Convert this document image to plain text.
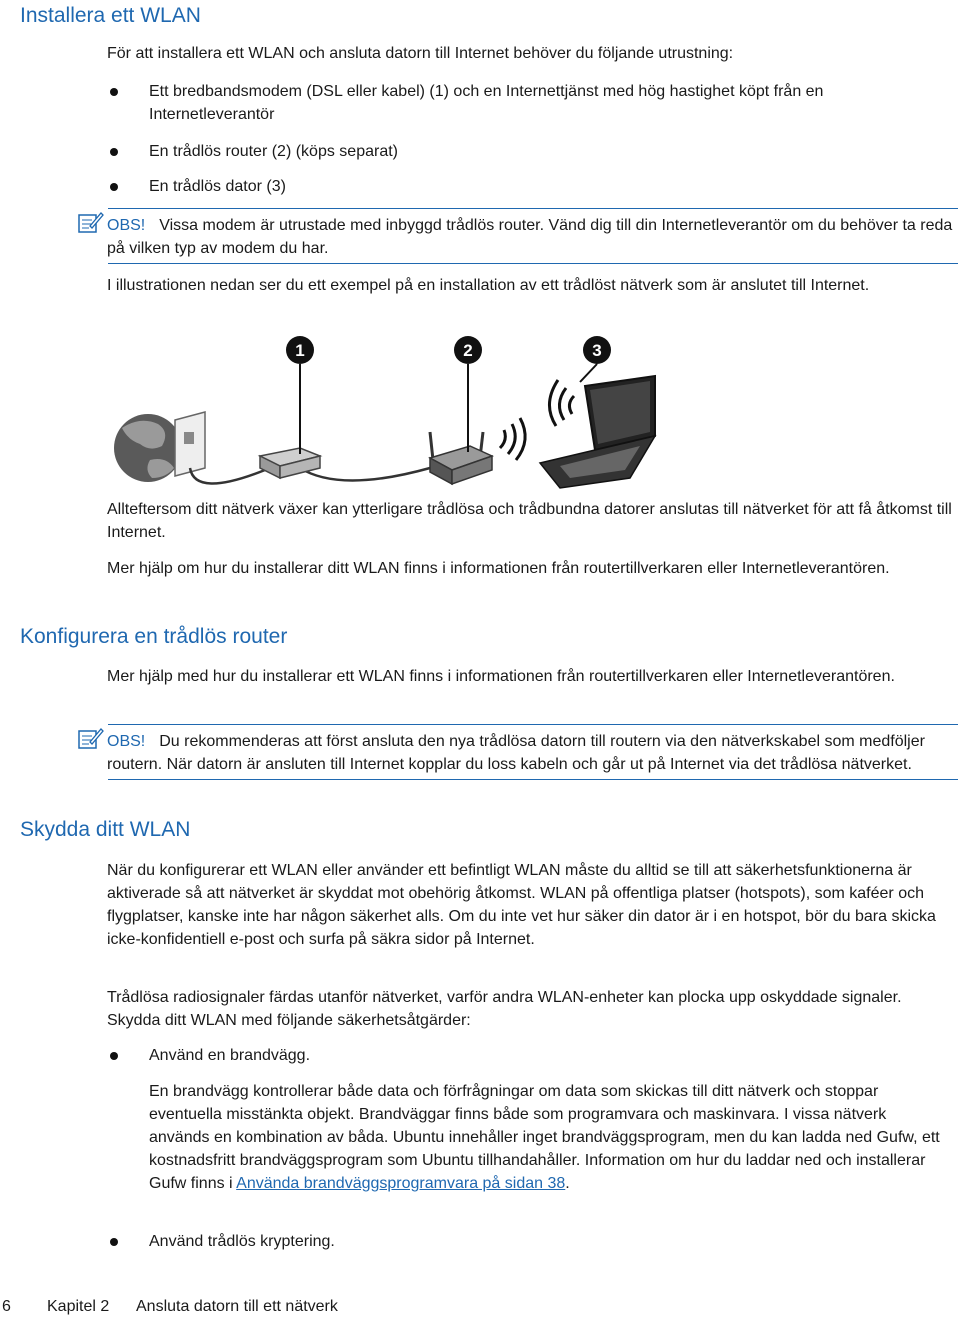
Installera ett WLAN

För att installera ett WLAN och ansluta datorn till Internet behöver du följande utrustning:

Ett bredbandsmodem (DSL eller kabel) (1) och en Internettjänst med hög hastighet köpt från en Internetleverantör
En trådlös router (2) (köps separat)
En trådlös dator (3)
OBS! Vissa modem är utrustade med inbyggd trådlös router. Vänd dig till din Internetleverantör om du behöver ta reda på vilken typ av modem du har.

I illustrationen nedan ser du ett exempel på en installation av ett trådlöst nätverk som är anslutet till Internet.

1	2	3

Allteftersom ditt nätverk växer kan ytterligare trådlösa och trådbundna datorer anslutas till nätverket för att få åtkomst till Internet.

Mer hjälp om hur du installerar ditt WLAN finns i informationen från routertillverkaren eller Internetleverantören.

Konfigurera en trådlös router

Mer hjälp med hur du installerar ett WLAN finns i informationen från routertillverkaren eller Internetleverantören.

OBS! Du rekommenderas att först ansluta den nya trådlösa datorn till routern via den nätverkskabel som medföljer routern. När datorn är ansluten till Internet kopplar du loss kabeln och går ut på Internet via det trådlösa nätverket.
Skydda ditt WLAN

När du konfigurerar ett WLAN eller använder ett befintligt WLAN måste du alltid se till att säkerhetsfunktionerna är aktiverade så att nätverket är skyddat mot obehörig åtkomst. WLAN på offentliga platser (hotspots), som kaféer och flygplatser, kanske inte har någon säkerhet alls. Om du inte vet hur säker din dator är i en hotspot, bör du bara skicka icke-konfidentiell e-post och surfa på säkra sidor på Internet.

Trådlösa radiosignaler färdas utanför nätverket, varför andra WLAN-enheter kan plocka upp oskyddade signaler. Skydda ditt WLAN med följande säkerhetsåtgärder:

Använd en brandvägg.

En brandvägg kontrollerar både data och förfrågningar om data som skickas till ditt nätverk och stoppar eventuella misstänkta objekt. Brandväggar finns både som programvara och maskinvara. I vissa nätverk används en kombination av båda. Ubuntu innehåller inget brandväggsprogram, men du kan ladda ned Gufw, ett kostnadsfritt brandväggsprogram som Ubuntu tillhandahåller. Information om hur du laddar ned och installerar Gufw finns i Använda brandväggsprogramvara på sidan 38.

Använd trådlös kryptering.
6 Kapitel 2 Ansluta datorn till ett nätverk
